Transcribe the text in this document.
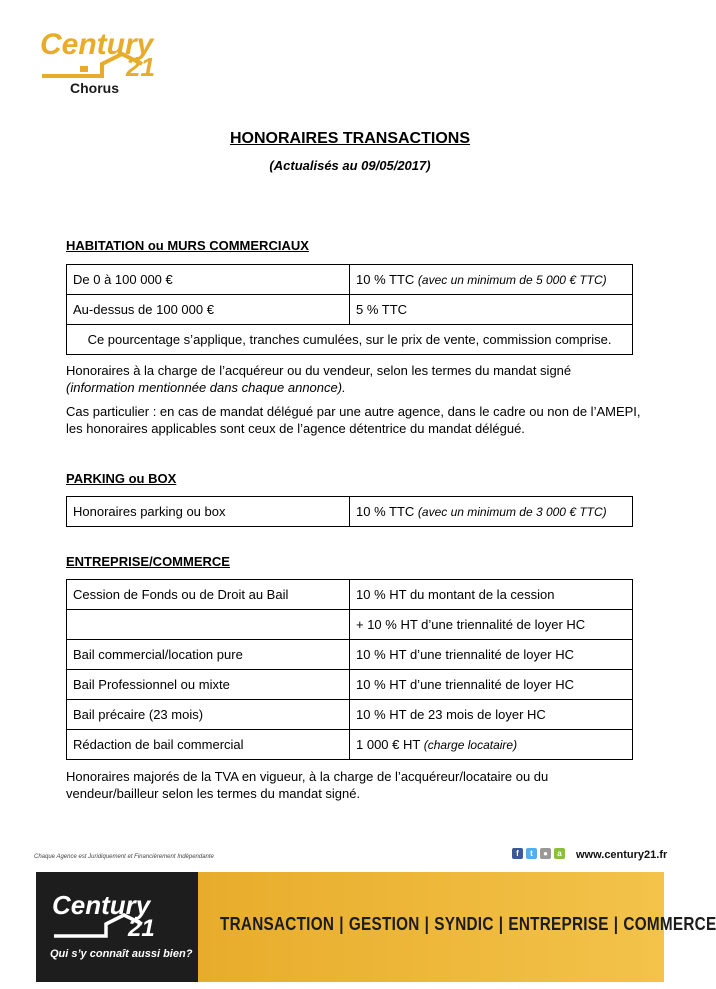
Century
21
Chorus
HONORAIRES TRANSACTIONS
(Actualisés au 09/05/2017)
HABITATION ou MURS COMMERCIAUX
De 0 à 100 000 €	10 % TTC (avec un minimum de 5 000 € TTC)
Au-dessus de 100 000 €	5 % TTC
Ce pourcentage s’applique, tranches cumulées, sur le prix de vente, commission comprise.	
Honoraires à la charge de l’acquéreur ou du vendeur, selon les termes du mandat signé (information mentionnée dans chaque annonce).
Cas particulier : en cas de mandat délégué par une autre agence, dans le cadre ou non de l’AMEPI, les honoraires applicables sont ceux de l’agence détentrice du mandat délégué.
PARKING ou BOX
Honoraires parking ou box	10 % TTC (avec un minimum de 3 000 € TTC)
ENTREPRISE/COMMERCE
Cession de Fonds ou de Droit au Bail	10 % HT du montant de la cession
	+ 10 % HT d’une triennalité de loyer HC
Bail commercial/location pure	10 % HT d’une triennalité de loyer HC
Bail Professionnel ou mixte	10 % HT d’une triennalité de loyer HC
Bail précaire (23 mois)	10 % HT de 23 mois de loyer HC
Rédaction de bail commercial	1 000 € HT (charge locataire)
Honoraires majorés de la TVA en vigueur, à la charge de l’acquéreur/locataire ou du vendeur/bailleur selon les termes du mandat signé.
Chaque Agence est Juridiquement et Financièrement Indépendante	f	t	●	a www.century21.fr
Century
21
Qui s’y connaît aussi bien?
TRANSACTION | GESTION | SYNDIC | ENTREPRISE | COMMERCE
